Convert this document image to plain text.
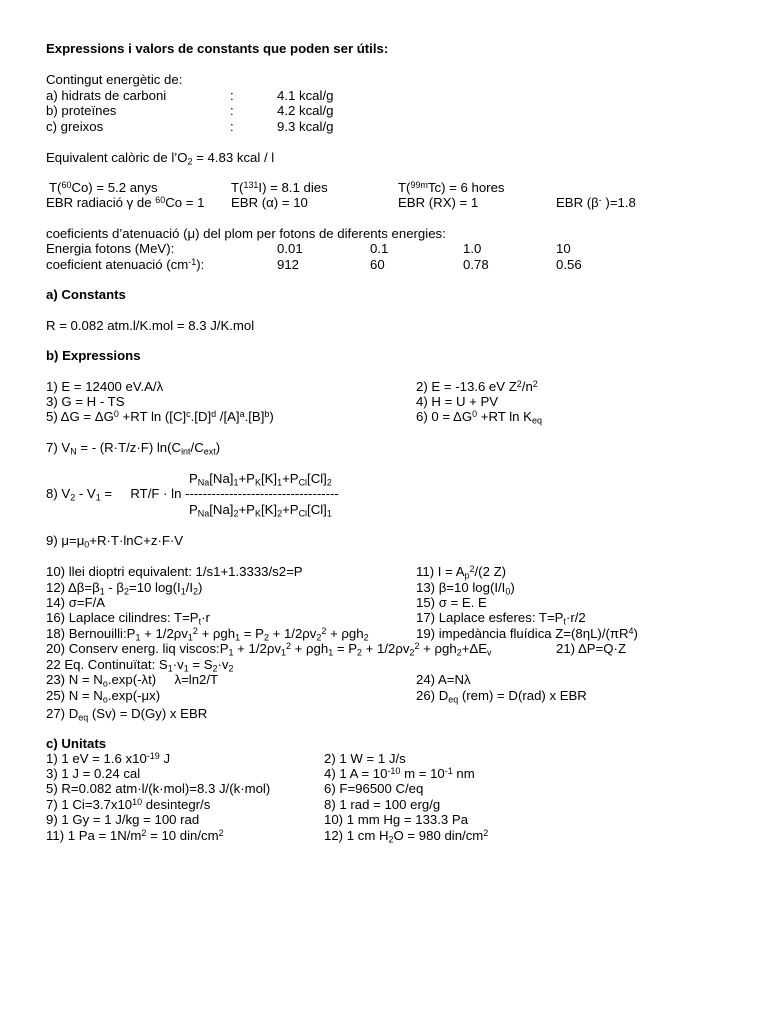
Expressions i valors de constants que poden ser útils:
Contingut energètic de:
a) hidrats de carboni	:	4.1 kcal/g
b) proteïnes	:	4.2 kcal/g
c) greixos	:	9.3 kcal/g
Equivalent calòric de $l’O_2 = 4.83$ kcal / l
T($^{60}$Co) = 5.2 anys	T($^{131}$I) = 8.1 dies	T($^{99m}$Tc) = 6 hores
EBR radiació γ de $^{60}$Co = 1 EBR (α) = 10	EBR (RX) = 1	EBR (β- )=1.8
coeficients d’atenuació (μ) del plom per fotons de diferents energies:
Energia fotons (MeV):	0.01	0.1	1.0	10
coeficient atenuació $(cm^{-1})$:	912	60	0.78	0.56
a) Constants
R = 0.082 atm.l/K.mol = 8.3 J/K.mol
b) Expressions
1) E = 12400 eV.A/λ	2) E = -13.6 eV $Z^2/n^2$
3) G = H - TS	4) H = U + PV
5) $\Delta G = \Delta G^0 +RT$ $\ln ([C]^c.[D]^d$ $/[A]^a.[B]^b$)	6) $0 = \Delta G^0 +RT$ $\ln K_{eq}$
7) $V_N$ = - (R·T/z·F) $\ln(C_{int}/C_{ext})$
$P_{Na}[Na]_1+P_K[K]_1+P_{Cl}[Cl]_2$
8) $V_2 - V_1$ =     RT/F · ln -----------------------------------
$P_{Na}[Na]_2+P_K[K]_2+P_{Cl}[Cl]_1$
9) $\mu=\mu_0+R\cdot T\cdot\ln C+z\cdot F\cdot V$
10) llei dioptri equivalent: 1/s1+1.3333/s2=P	11) $I = A_p^2/(2$ Z)
12) $\Delta\beta=\beta_1 - \beta_2=10$ $\log(I_1/I_2)$	13) β=10 $\log(I/I_0)$
14) σ=F/A	15) σ = E. Ε
16) Laplace cilindres: $T=P_t\cdot r$	17) Laplace esferes: $T=P_t\cdot r/2$
18) $Bernouilli:P_1 + 1/2\rho v_1^2 + \rho gh_1 = P_2 + 1/2\rho v_2^2 + \rho gh_2$	19) impedància fluídica $Z=(8\eta L)/(\pi R^4)$
20) Conserv energ. liq $viscos:P_1 + 1/2\rho v_1^2 + \rho gh_1 = P_2 + 1/2\rho v_2^2 + \rho gh_2+\Delta E_v$	21) ΔP=Q·Z
22 Eq. Continuïtat: $S_1\cdot v_1 = S_2\cdot v_2$
23) $N = N_o.\exp(-\lambda t)$     λ=ln2/T	24) A=Nλ
25) $N = N_o.\exp(-\mu x)$	26) $D_{eq}$ (rem) = D(rad) x EBR
27) $D_{eq}$ (Sv) = D(Gy) x EBR
c) Unitats
1) 1 eV = 1.6 $x10^{-19}$ J	2) 1 W = 1 J/s
3) 1 J = 0.24 cal	4) 1 $A = 10^{-10}$ $m = 10^{-1}$ nm
5) R=0.082 atm·l/(k·mol)=8.3 J/(k·mol)	6) F=96500 C/eq
7) 1 $Ci=3.7x10^{10}$ desintegr/s	8) 1 rad = 100 erg/g
9) 1 Gy = 1 J/kg = 100 rad	10) 1 mm Hg = 133.3 Pa
11) 1 $Pa = 1N/m^2 = 10$ din/$cm^2$	12) 1 cm $H_2O = 980$ din/$cm^2$
